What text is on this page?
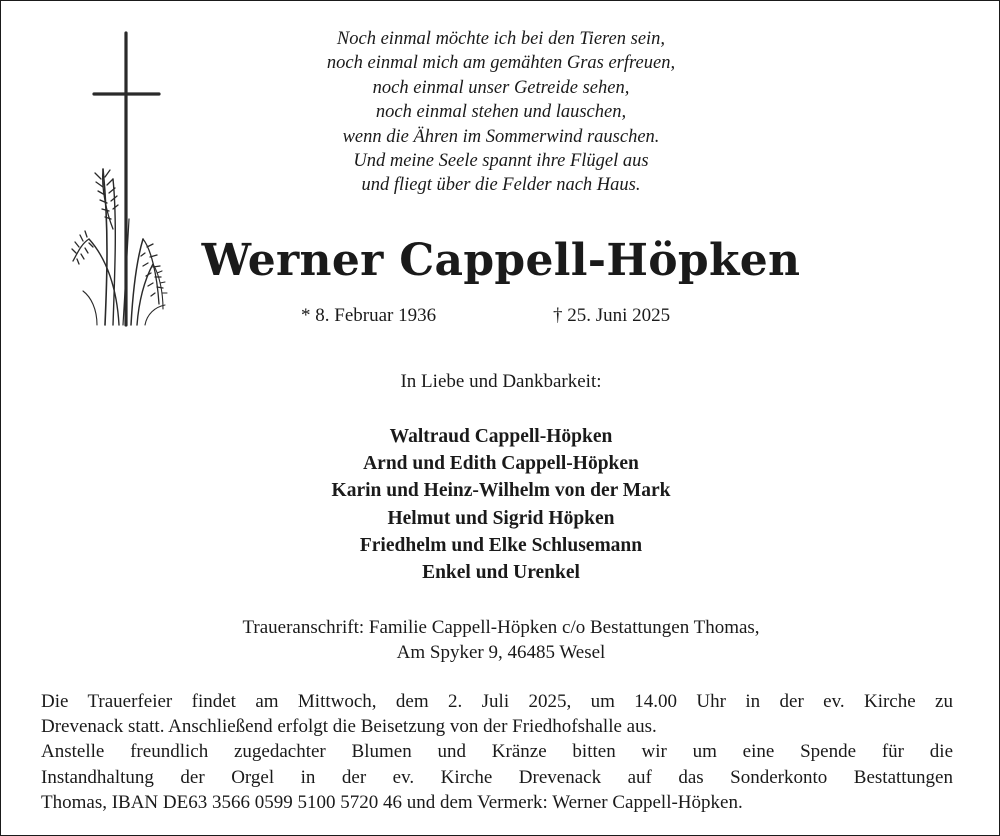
Noch einmal möchte ich bei den Tieren sein,
noch einmal mich am gemähten Gras erfreuen,
noch einmal unser Getreide sehen,
noch einmal stehen und lauschen,
wenn die Ähren im Sommerwind rauschen.
Und meine Seele spannt ihre Flügel aus
und fliegt über die Felder nach Haus.
Werner Cappell-Höpken
* 8. Februar 1936	† 25. Juni 2025
In Liebe und Dankbarkeit:
Waltraud Cappell-Höpken
Arnd und Edith Cappell-Höpken
Karin und Heinz-Wilhelm von der Mark
Helmut und Sigrid Höpken
Friedhelm und Elke Schlusemann
Enkel und Urenkel
Traueranschrift: Familie Cappell-Höpken c/o Bestattungen Thomas,
Am Spyker 9, 46485 Wesel
Die Trauerfeier findet am Mittwoch, dem 2. Juli 2025, um 14.00 Uhr in der ev. Kirche zu
Drevenack statt. Anschließend erfolgt die Beisetzung von der Friedhofshalle aus.
Anstelle freundlich zugedachter Blumen und Kränze bitten wir um eine Spende für die
Instandhaltung der Orgel in der ev. Kirche Drevenack auf das Sonderkonto Bestattungen
Thomas, IBAN DE63 3566 0599 5100 5720 46 und dem Vermerk: Werner Cappell-Höpken.
